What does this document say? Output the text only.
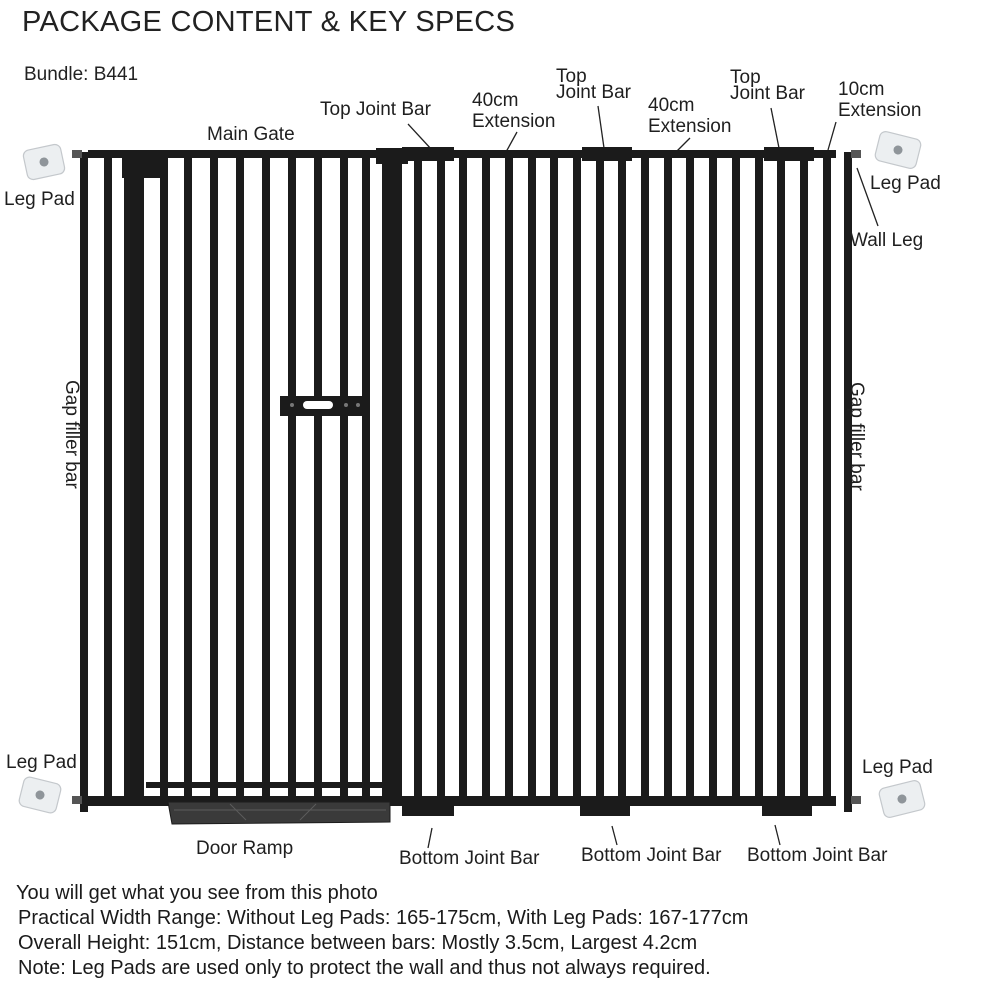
PACKAGE CONTENT & KEY SPECS
Bundle: B441
Main Gate
Top Joint Bar 40cm
Extension
Top
Joint Bar
40cm
Extension
Top
Joint Bar 10cm
Extension
Leg Pad
Leg Pad
Wall Leg
Leg Pad	Leg Pad
Gap filler bar	Gap filler bar
Door Ramp	Bottom Joint Bar Bottom Joint Bar Bottom Joint Bar
You will get what you see from this photo
Practical Width Range: Without Leg Pads: 165-175cm, With Leg Pads: 167-177cm
Overall Height: 151cm, Distance between bars: Mostly 3.5cm, Largest 4.2cm
Note: Leg Pads are used only to protect the wall and thus not always required.
